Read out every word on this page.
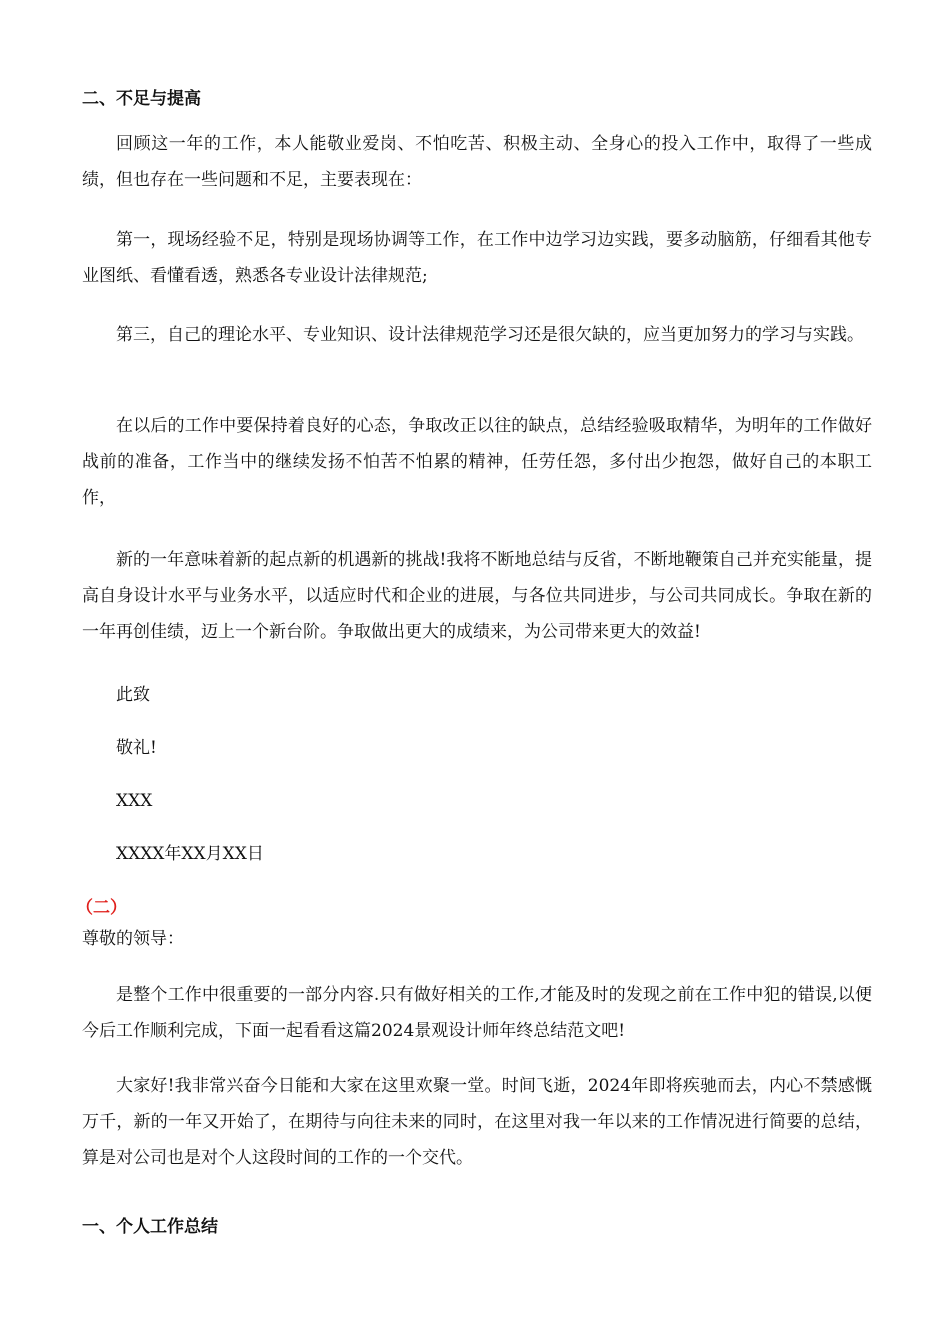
二、不足与提高

回顾这一年的工作，本人能敬业爱岗、不怕吃苦、积极主动、全身心的投入工作中，取得了一些成绩，但也存在一些问题和不足，主要表现在：

第一，现场经验不足，特别是现场协调等工作，在工作中边学习边实践，要多动脑筋，仔细看其他专业图纸、看懂看透，熟悉各专业设计法律规范;

第三，自己的理论水平、专业知识、设计法律规范学习还是很欠缺的，应当更加努力的学习与实践。

在以后的工作中要保持着良好的心态，争取改正以往的缺点，总结经验吸取精华，为明年的工作做好战前的准备，工作当中的继续发扬不怕苦不怕累的精神，任劳任怨，多付出少抱怨，做好自己的本职工作，

新的一年意味着新的起点新的机遇新的挑战!我将不断地总结与反省，不断地鞭策自己并充实能量，提高自身设计水平与业务水平，以适应时代和企业的进展，与各位共同进步，与公司共同成长。争取在新的一年再创佳绩，迈上一个新台阶。争取做出更大的成绩来，为公司带来更大的效益!

此致

敬礼!

XXX

XXXX年XX月XX日

（二）

尊敬的领导：

是整个工作中很重要的一部分内容.只有做好相关的工作,才能及时的发现之前在工作中犯的错误,以便今后工作顺利完成，下面一起看看这篇2024景观设计师年终总结范文吧!

大家好!我非常兴奋今日能和大家在这里欢聚一堂。时间飞逝，2024年即将疾驰而去，内心不禁感慨万千，新的一年又开始了，在期待与向往未来的同时，在这里对我一年以来的工作情况进行简要的总结，算是对公司也是对个人这段时间的工作的一个交代。

一、个人工作总结
